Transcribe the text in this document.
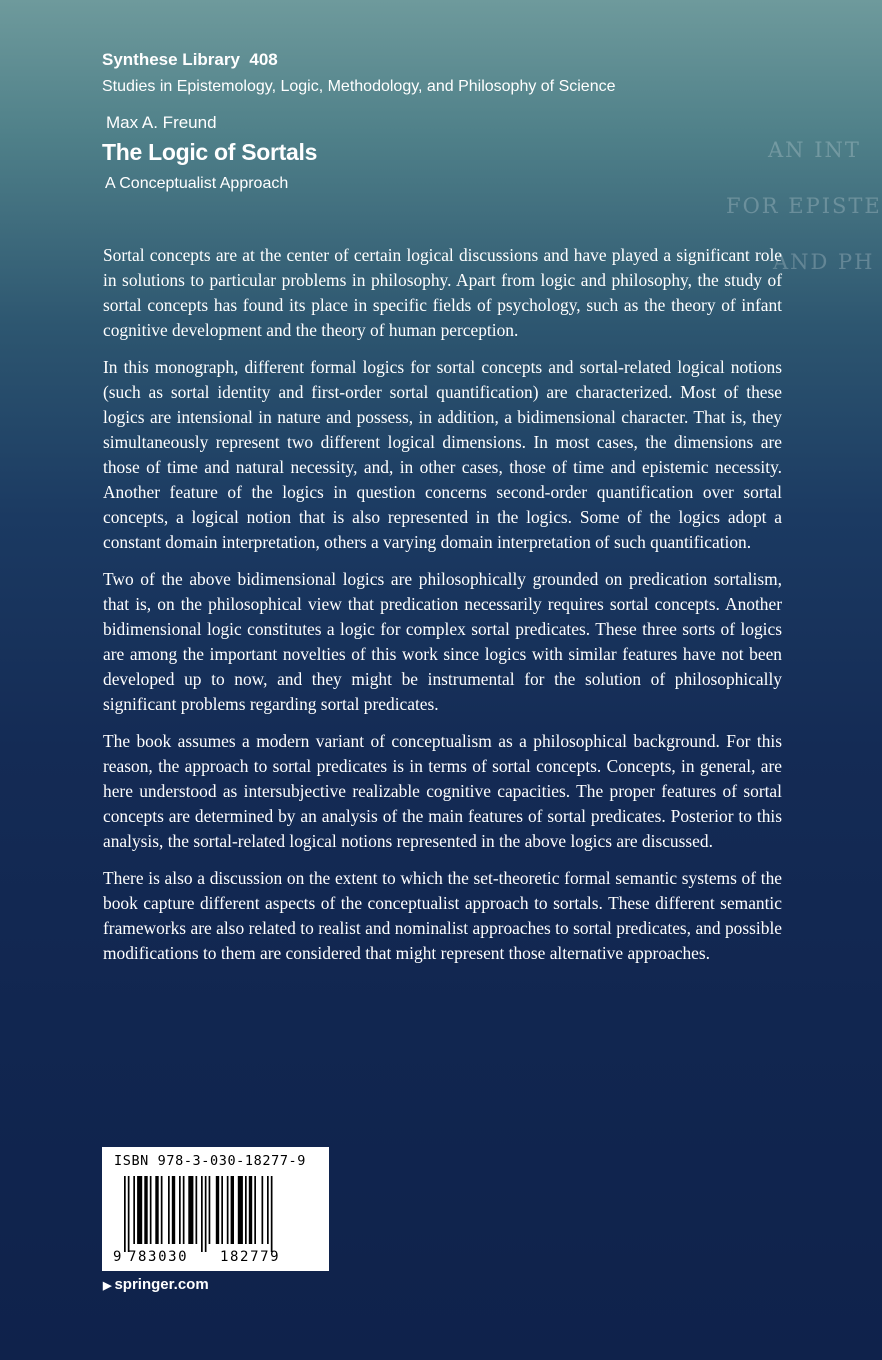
AN INT
FOR EPISTE
AND PH
Synthese Library  408
Studies in Epistemology, Logic, Methodology, and Philosophy of Science
Max A. Freund
The Logic of Sortals
A Conceptualist Approach

Sortal concepts are at the center of certain logical discussions and have played a significant role in solutions to particular problems in philosophy. Apart from logic and philosophy, the study of sortal concepts has found its place in specific fields of psychology, such as the theory of infant cognitive development and the theory of human perception.

In this monograph, different formal logics for sortal concepts and sortal-related logical notions (such as sortal identity and first-order sortal quantification) are characterized. Most of these logics are intensional in nature and possess, in addition, a bidimensional character. That is, they simultaneously represent two different logical dimensions. In most cases, the dimensions are those of time and natural necessity, and, in other cases, those of time and epistemic necessity. Another feature of the logics in question concerns second-order quantification over sortal concepts, a logical notion that is also represented in the logics. Some of the logics adopt a constant domain interpretation, others a varying domain interpretation of such quantification.

Two of the above bidimensional logics are philosophically grounded on predication sortalism, that is, on the philosophical view that predication necessarily requires sortal concepts. Another bidimensional logic constitutes a logic for complex sortal predicates. These three sorts of logics are among the important novelties of this work since logics with similar features have not been developed up to now, and they might be instrumental for the solution of philosophically significant problems regarding sortal predicates.

The book assumes a modern variant of conceptualism as a philosophical background. For this reason, the approach to sortal predicates is in terms of sortal concepts. Concepts, in general, are here understood as intersubjective realizable cognitive capacities. The proper features of sortal concepts are determined by an analysis of the main features of sortal predicates. Posterior to this analysis, the sortal-related logical notions represented in the above logics are discussed.

There is also a discussion on the extent to which the set-theoretic formal semantic systems of the book capture different aspects of the conceptualist approach to sortals. These different semantic frameworks are also related to realist and nominalist approaches to sortal predicates, and possible modifications to them are considered that might represent those alternative approaches.

ISBN 978-3-030-18277-9
9 783030 182779
▶ springer.com
